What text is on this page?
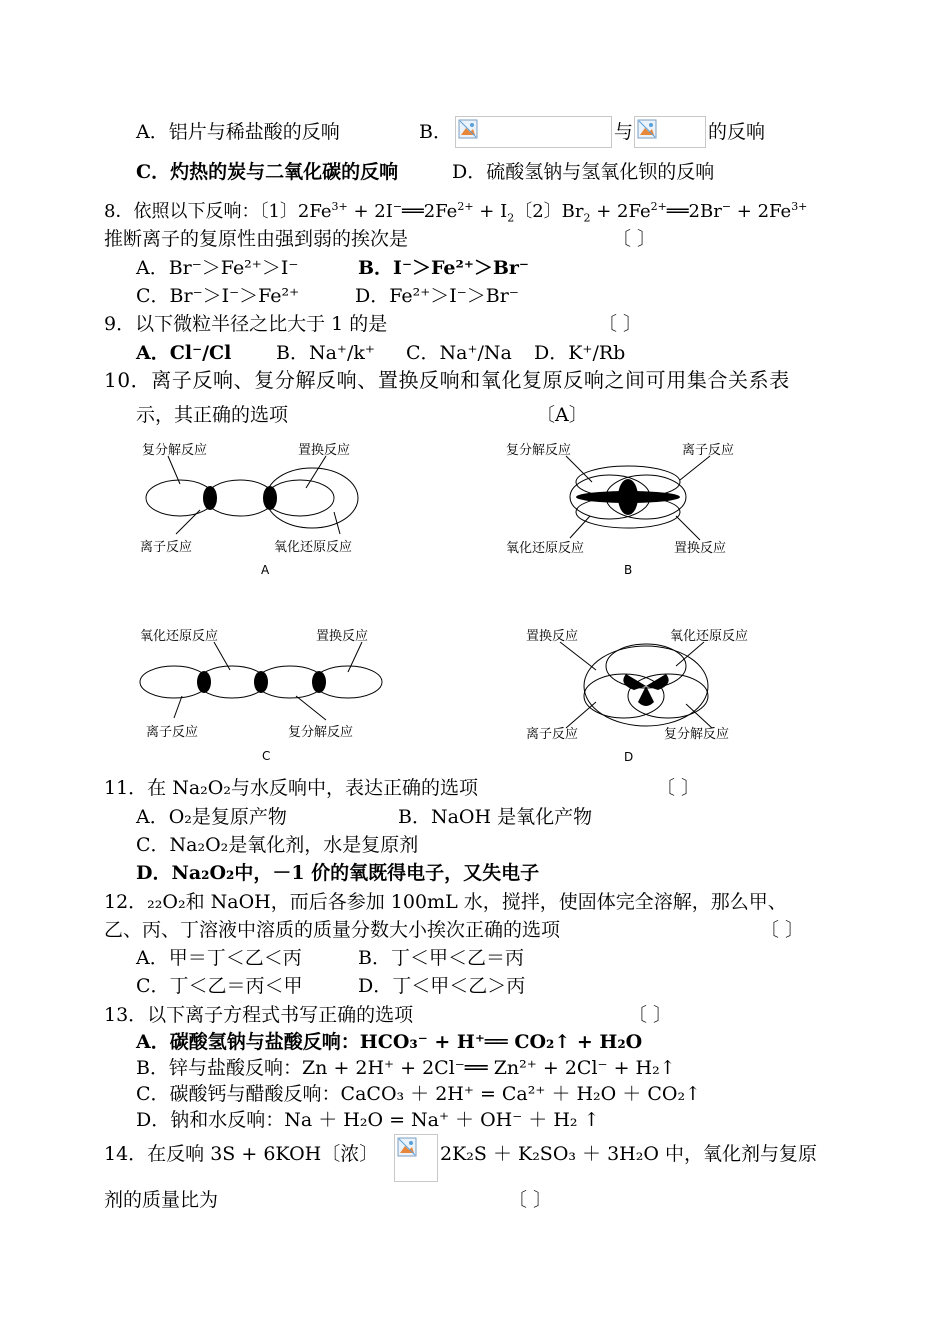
A．铝片与稀盐酸的反响	B．	与	的反响
C．灼热的炭与二氧化碳的反响	D．硫酸氢钠与氢氧化钡的反响
8．依照以下反响：〔1〕$2Fe^{3+}$ + $2I^-══2Fe^{2+} + I_2$〔2〕$Br_2$ + $2Fe^{2+}══2Br^- + 2Fe^{3+}$
推断离子的复原性由强到弱的挨次是	〔 〕
A．Br⁻＞Fe²⁺＞I⁻	B．I⁻＞Fe²⁺＞Br⁻
C．Br⁻＞I⁻＞Fe²⁺	D．Fe²⁺＞I⁻＞Br⁻
9．以下微粒半径之比大于 1 的是	〔 〕
A．Cl⁻/Cl B．Na⁺/k⁺ C．Na⁺/Na D．K⁺/Rb
10．离子反响、复分解反响、置换反响和氧化复原反响之间可用集合关系表
示，其正确的选项	〔A〕
复分解反应	置换反应
离子反应	氧化还原反应
A
复分解反应	离子反应
氧化还原反应	置换反应
B
氧化还原反应	置换反应
离子反应	复分解反应
C
置换反应	氧化还原反应
离子反应	复分解反应
D
11．在 Na₂O₂与水反响中，表达正确的选项	〔 〕
A．O₂是复原产物	B．NaOH 是氧化产物
C．Na₂O₂是氧化剂，水是复原剂
D．Na₂O₂中，－1 价的氧既得电子，又失电子
12．₂₂O₂和 NaOH，而后各参加 100mL 水，搅拌，使固体完全溶解，那么甲、
乙、丙、丁溶液中溶质的质量分数大小挨次正确的选项	〔 〕
A．甲＝丁＜乙＜丙	B．丁＜甲＜乙＝丙
C．丁＜乙＝丙＜甲	D．丁＜甲＜乙＞丙
13．以下离子方程式书写正确的选项	〔 〕
A．碳酸氢钠与盐酸反响：HCO₃⁻ + H⁺══ CO₂↑ + H₂O
B．锌与盐酸反响：Zn + 2H⁺ + 2Cl⁻══ Zn²⁺ + 2Cl⁻ + H₂↑
C．碳酸钙与醋酸反响：CaCO₃ ＋ 2H⁺ = Ca²⁺ ＋ H₂O ＋ CO₂↑
D．钠和水反响：Na ＋ H₂O = Na⁺ ＋ OH⁻ ＋ H₂ ↑
14．在反响 3S + 6KOH〔浓〕	2K₂S ＋ K₂SO₃ ＋ 3H₂O 中，氧化剂与复原
剂的质量比为	〔 〕
